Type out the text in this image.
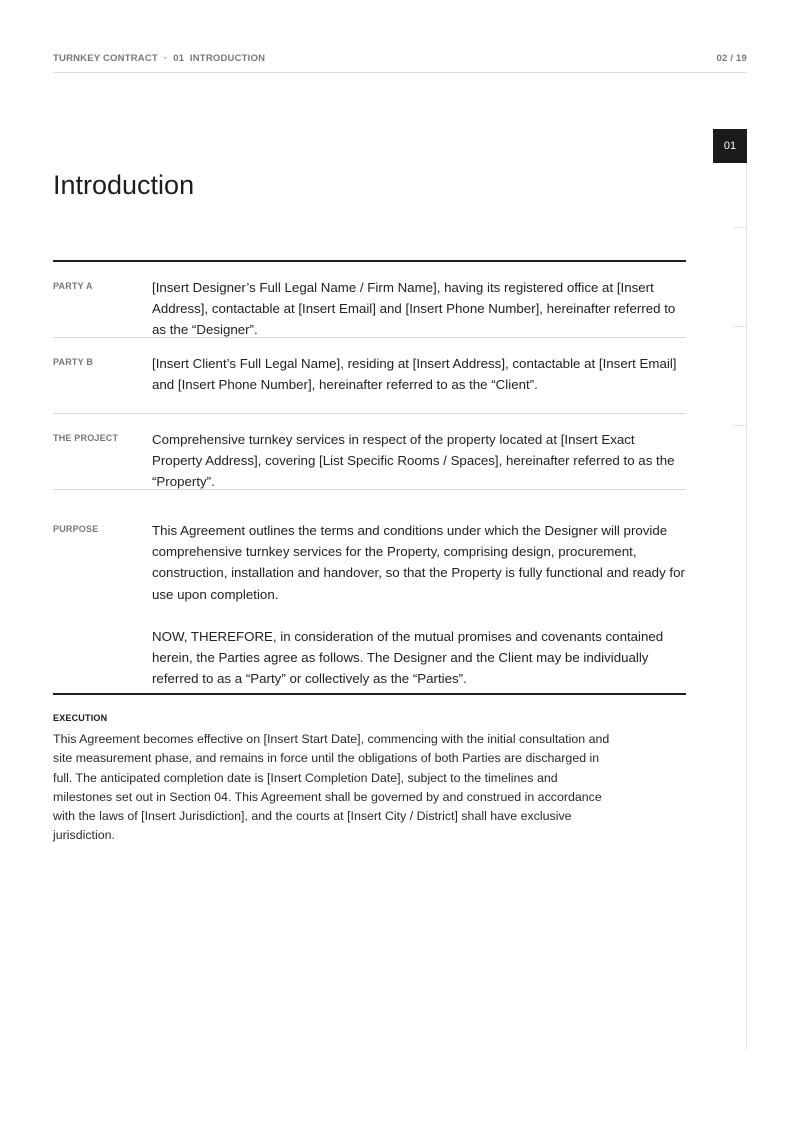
TURNKEY CONTRACT · 01  INTRODUCTION	02 / 19
01
Introduction
PARTY A	[Insert Designer’s Full Legal Name / Firm Name], having its registered office at [Insert Address], contactable at [Insert Email] and [Insert Phone Number], hereinafter referred to as the “Designer”.

PARTY B	[Insert Client’s Full Legal Name], residing at [Insert Address], contactable at [Insert Email] and [Insert Phone Number], hereinafter referred to as the “Client”.

THE PROJECT	Comprehensive turnkey services in respect of the property located at [Insert Exact Property Address], covering [List Specific Rooms / Spaces], hereinafter referred to as the “Property”.

PURPOSE	This Agreement outlines the terms and conditions under which the Designer will provide comprehensive turnkey services for the Property, comprising design, procurement, construction, installation and handover, so that the Property is fully functional and ready for use upon completion.

NOW, THEREFORE, in consideration of the mutual promises and covenants contained herein, the Parties agree as follows. The Designer and the Client may be individually referred to as a “Party” or collectively as the “Parties”.

EXECUTION

This Agreement becomes effective on [Insert Start Date], commencing with the initial consultation and site measurement phase, and remains in force until the obligations of both Parties are discharged in full. The anticipated completion date is [Insert Completion Date], subject to the timelines and milestones set out in Section 04. This Agreement shall be governed by and construed in accordance with the laws of [Insert Jurisdiction], and the courts at [Insert City / District] shall have exclusive jurisdiction.
